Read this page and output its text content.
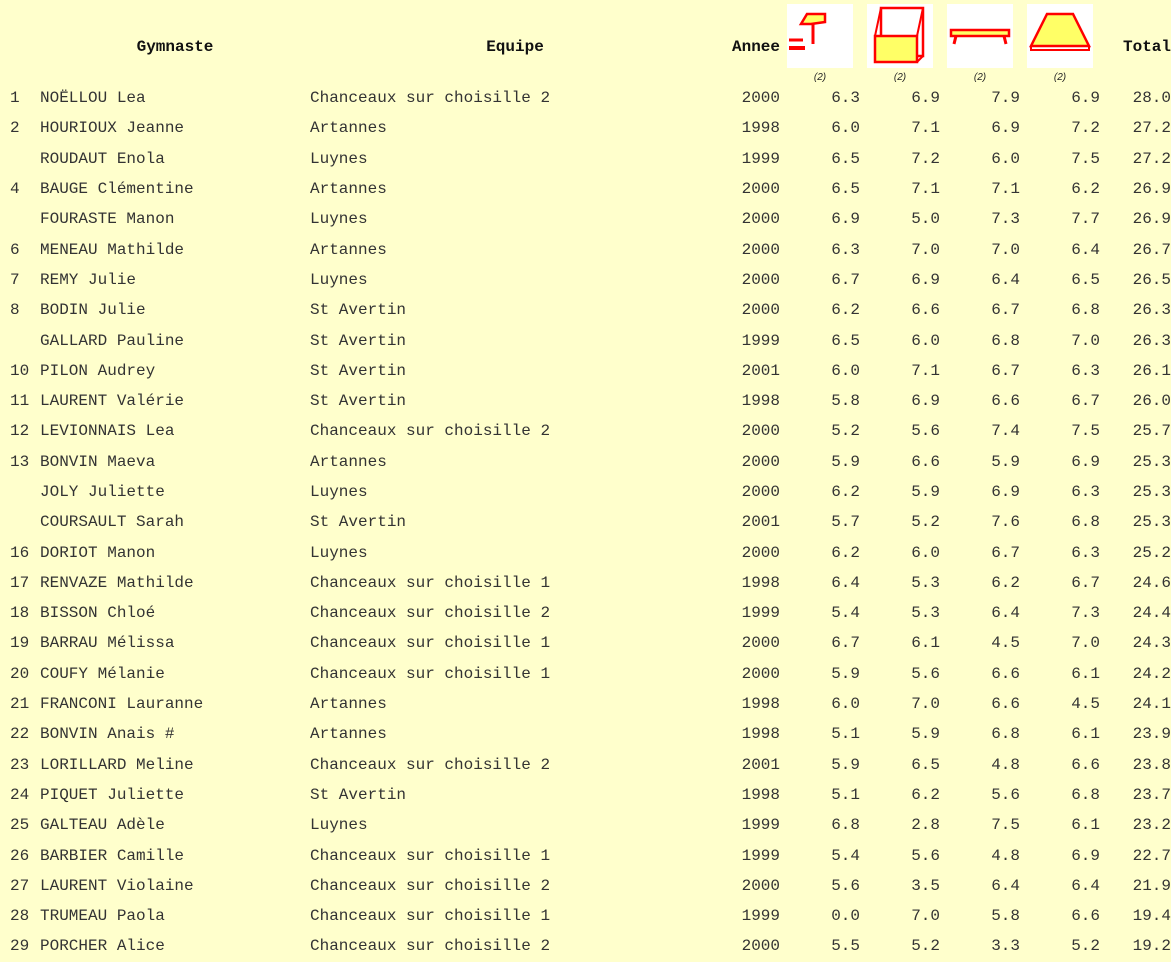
	Gymnaste	Equipe	Annee	(2)	(2)	(2)	(2)	Total
1	NOËLLOU Lea	Chanceaux sur choisille 2	2000	6.3	6.9	7.9	6.9	28.0
2	HOURIOUX Jeanne	Artannes	1998	6.0	7.1	6.9	7.2	27.2
	ROUDAUT Enola	Luynes	1999	6.5	7.2	6.0	7.5	27.2
4	BAUGE Clémentine	Artannes	2000	6.5	7.1	7.1	6.2	26.9
	FOURASTE Manon	Luynes	2000	6.9	5.0	7.3	7.7	26.9
6	MENEAU Mathilde	Artannes	2000	6.3	7.0	7.0	6.4	26.7
7	REMY Julie	Luynes	2000	6.7	6.9	6.4	6.5	26.5
8	BODIN Julie	St Avertin	2000	6.2	6.6	6.7	6.8	26.3
	GALLARD Pauline	St Avertin	1999	6.5	6.0	6.8	7.0	26.3
10	PILON Audrey	St Avertin	2001	6.0	7.1	6.7	6.3	26.1
11	LAURENT Valérie	St Avertin	1998	5.8	6.9	6.6	6.7	26.0
12	LEVIONNAIS Lea	Chanceaux sur choisille 2	2000	5.2	5.6	7.4	7.5	25.7
13	BONVIN Maeva	Artannes	2000	5.9	6.6	5.9	6.9	25.3
	JOLY Juliette	Luynes	2000	6.2	5.9	6.9	6.3	25.3
	COURSAULT Sarah	St Avertin	2001	5.7	5.2	7.6	6.8	25.3
16	DORIOT Manon	Luynes	2000	6.2	6.0	6.7	6.3	25.2
17	RENVAZE Mathilde	Chanceaux sur choisille 1	1998	6.4	5.3	6.2	6.7	24.6
18	BISSON Chloé	Chanceaux sur choisille 2	1999	5.4	5.3	6.4	7.3	24.4
19	BARRAU Mélissa	Chanceaux sur choisille 1	2000	6.7	6.1	4.5	7.0	24.3
20	COUFY Mélanie	Chanceaux sur choisille 1	2000	5.9	5.6	6.6	6.1	24.2
21	FRANCONI Lauranne	Artannes	1998	6.0	7.0	6.6	4.5	24.1
22	BONVIN Anais #	Artannes	1998	5.1	5.9	6.8	6.1	23.9
23	LORILLARD Meline	Chanceaux sur choisille 2	2001	5.9	6.5	4.8	6.6	23.8
24	PIQUET Juliette	St Avertin	1998	5.1	6.2	5.6	6.8	23.7
25	GALTEAU Adèle	Luynes	1999	6.8	2.8	7.5	6.1	23.2
26	BARBIER Camille	Chanceaux sur choisille 1	1999	5.4	5.6	4.8	6.9	22.7
27	LAURENT Violaine	Chanceaux sur choisille 2	2000	5.6	3.5	6.4	6.4	21.9
28	TRUMEAU Paola	Chanceaux sur choisille 1	1999	0.0	7.0	5.8	6.6	19.4
29	PORCHER Alice	Chanceaux sur choisille 2	2000	5.5	5.2	3.3	5.2	19.2
